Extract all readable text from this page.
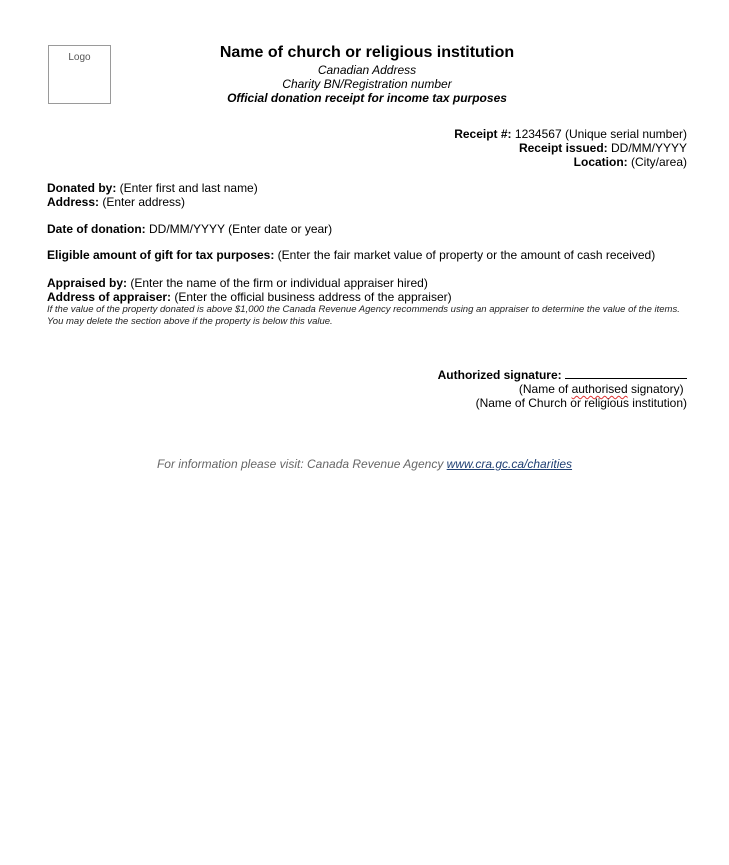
Logo	Name of church or religious institution
Canadian Address
Charity BN/Registration number
Official donation receipt for income tax purposes
Receipt #: 1234567 (Unique serial number)
Receipt issued: DD/MM/YYYY
Location: (City/area)
Donated by: (Enter first and last name)
Address: (Enter address)
Date of donation: DD/MM/YYYY (Enter date or year)
Eligible amount of gift for tax purposes: (Enter the fair market value of property or the amount of cash received)
Appraised by: (Enter the name of the firm or individual appraiser hired)
Address of appraiser: (Enter the official business address of the appraiser)
If the value of the property donated is above $1,000 the Canada Revenue Agency recommends using an appraiser to determine the value of the items. You may delete the section above if the property is below this value.
Authorized signature:
(Name of authorised signatory)
(Name of Church or religious institution)
For information please visit: Canada Revenue Agency www.cra.gc.ca/charities
